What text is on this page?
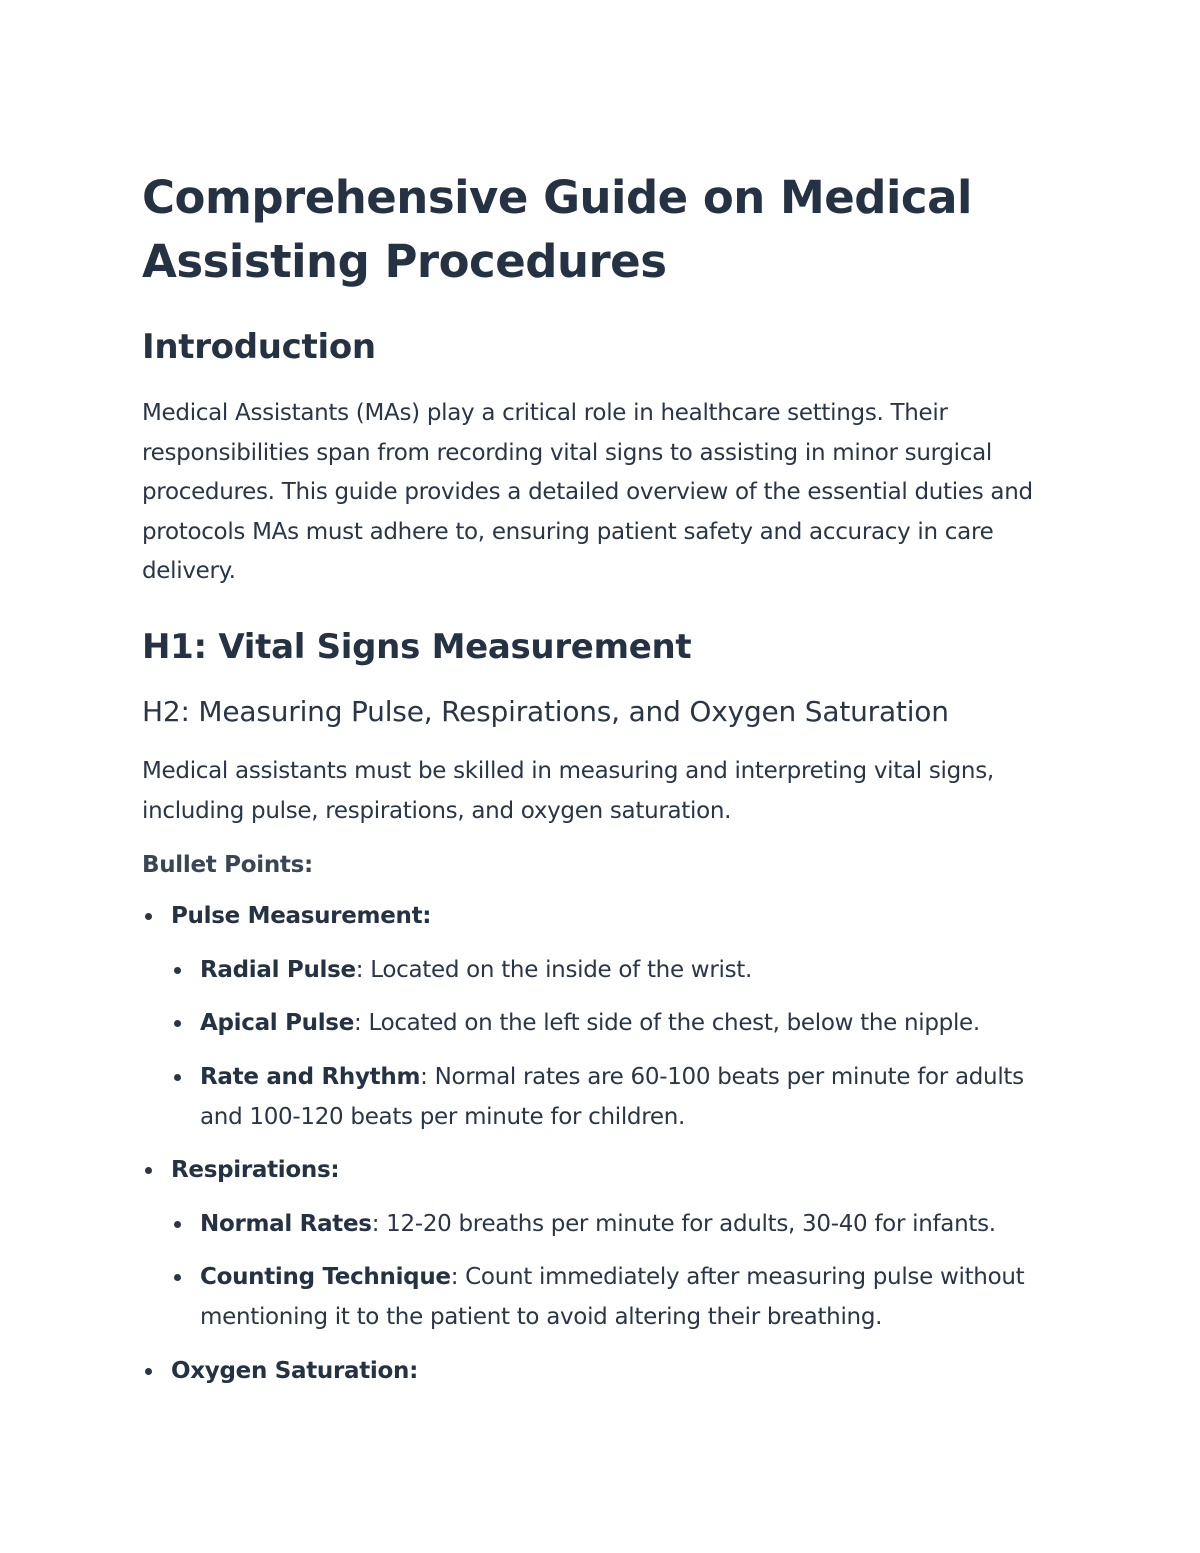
Comprehensive Guide on Medical Assisting Procedures
Introduction

Medical Assistants (MAs) play a critical role in healthcare settings. Their responsibilities span from recording vital signs to assisting in minor surgical procedures. This guide provides a detailed overview of the essential duties and protocols MAs must adhere to, ensuring patient safety and accuracy in care delivery.

H1: Vital Signs Measurement
H2: Measuring Pulse, Respirations, and Oxygen Saturation

Medical assistants must be skilled in measuring and interpreting vital signs, including pulse, respirations, and oxygen saturation.

Bullet Points:

Pulse Measurement:
Radial Pulse: Located on the inside of the wrist.
Apical Pulse: Located on the left side of the chest, below the nipple.
Rate and Rhythm: Normal rates are 60-100 beats per minute for adults and 100-120 beats per minute for children.
Respirations:
Normal Rates: 12-20 breaths per minute for adults, 30-40 for infants.
Counting Technique: Count immediately after measuring pulse without mentioning it to the patient to avoid altering their breathing.
Oxygen Saturation:
